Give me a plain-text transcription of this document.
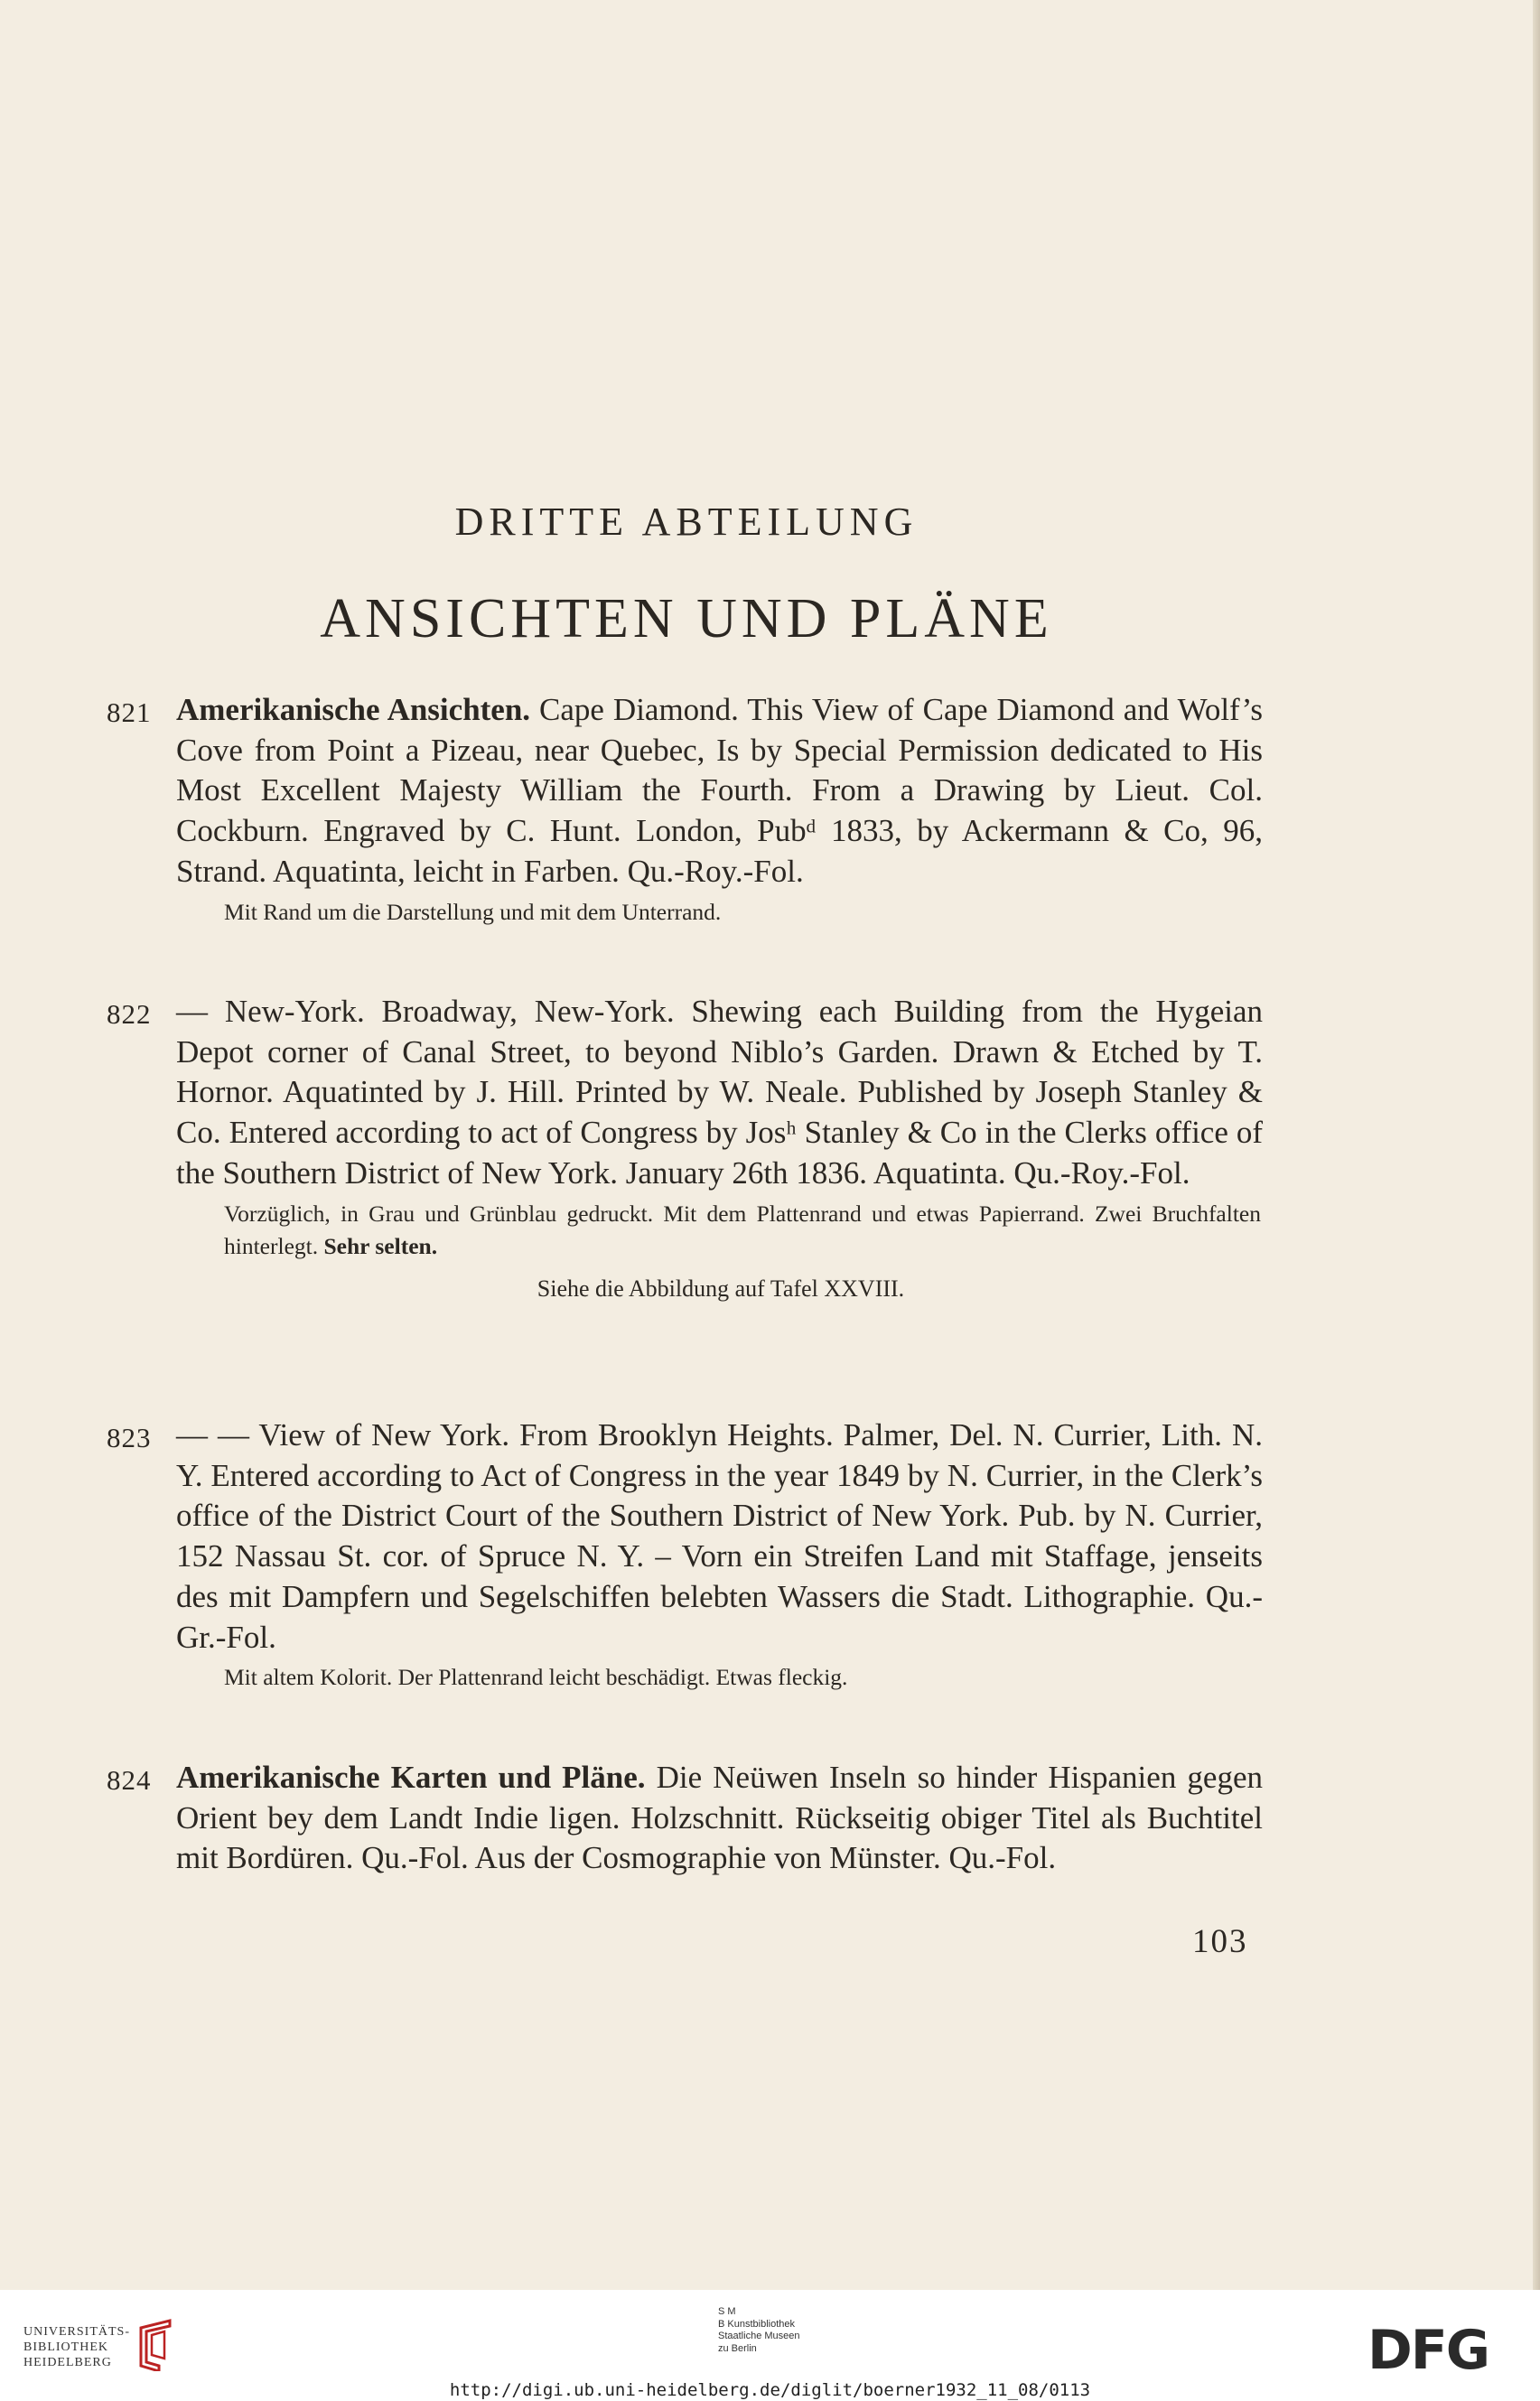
DRITTE ABTEILUNG
ANSICHTEN UND PLÄNE
821 Amerikanische Ansichten. Cape Diamond. This View of Cape Diamond and Wolf’s Cove from Point a Pizeau, near Quebec, Is by Special Permission dedicated to His Most Excellent Majesty William the Fourth. From a Drawing by Lieut. Col. Cockburn. Engraved by C. Hunt. London, Pubᵈ 1833, by Ackermann & Co, 96, Strand. Aquatinta, leicht in Farben. Qu.-Roy.-Fol.
Mit Rand um die Darstellung und mit dem Unterrand.
822 — New-York. Broadway, New-York. Shewing each Building from the Hygeian Depot corner of Canal Street, to beyond Niblo’s Garden. Drawn & Etched by T. Hornor. Aquatinted by J. Hill. Printed by W. Neale. Published by Joseph Stanley & Co. Entered according to act of Congress by Josʰ Stanley & Co in the Clerks office of the Southern District of New York. January 26th 1836. Aquatinta. Qu.-Roy.-Fol.
Vorzüglich, in Grau und Grünblau gedruckt. Mit dem Plattenrand und etwas Papierrand. Zwei Bruchfalten hinterlegt. Sehr selten.
Siehe die Abbildung auf Tafel XXVIII.
823 — — View of New York. From Brooklyn Heights. Palmer, Del. N. Currier, Lith. N. Y. Entered according to Act of Congress in the year 1849 by N. Currier, in the Clerk’s office of the District Court of the Southern District of New York. Pub. by N. Currier, 152 Nassau St. cor. of Spruce N. Y. – Vorn ein Streifen Land mit Staffage, jenseits des mit Dampfern und Segelschiffen belebten Wassers die Stadt. Lithographie. Qu.-Gr.-Fol.
Mit altem Kolorit. Der Plattenrand leicht beschädigt. Etwas fleckig.
824 Amerikanische Karten und Pläne. Die Neüwen Inseln so hinder Hispanien gegen Orient bey dem Landt Indie ligen. Holzschnitt. Rückseitig obiger Titel als Buchtitel mit Bordüren. Qu.-Fol. Aus der Cosmographie von Münster. Qu.-Fol.
103
UNIVERSITÄTS-
BIBLIOTHEK
HEIDELBERG
S M
B Kunstbibliothek
Staatliche Museen
zu Berlin	DFG
http://digi.ub.uni-heidelberg.de/diglit/boerner1932_11_08/0113
